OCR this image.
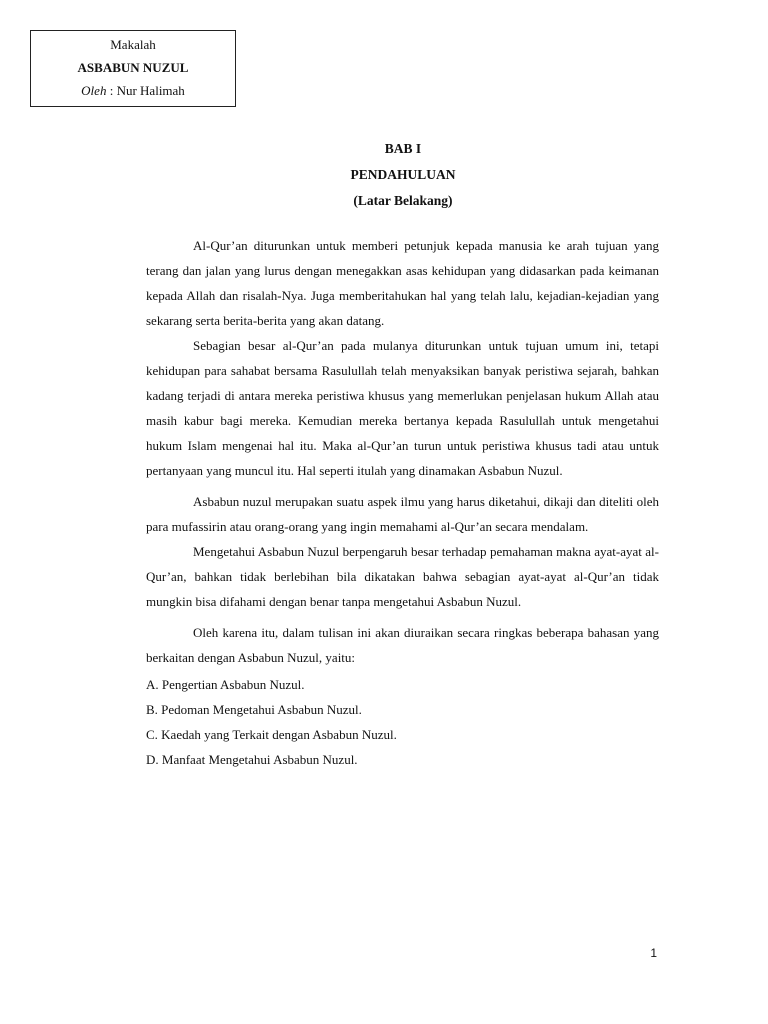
Makalah
ASBABUN NUZUL
Oleh : Nur Halimah
BAB I
PENDAHULUAN
(Latar Belakang)

Al-Qur’an diturunkan untuk memberi petunjuk kepada manusia ke arah tujuan yang terang dan jalan yang lurus dengan menegakkan asas kehidupan yang didasarkan pada keimanan kepada Allah dan risalah-Nya. Juga memberitahukan hal yang telah lalu, kejadian-kejadian yang sekarang serta berita-berita yang akan datang.

Sebagian besar al-Qur’an pada mulanya diturunkan untuk tujuan umum ini, tetapi kehidupan para sahabat bersama Rasulullah telah menyaksikan banyak peristiwa sejarah, bahkan kadang terjadi di antara mereka peristiwa khusus yang memerlukan penjelasan hukum Allah atau masih kabur bagi mereka. Kemudian mereka bertanya kepada Rasulullah untuk mengetahui hukum Islam mengenai hal itu. Maka al-Qur’an turun untuk peristiwa khusus tadi atau untuk pertanyaan yang muncul itu. Hal seperti itulah yang dinamakan Asbabun Nuzul.

Asbabun nuzul merupakan suatu aspek ilmu yang harus diketahui, dikaji dan diteliti oleh para mufassirin atau orang-orang yang ingin memahami al-Qur’an secara mendalam.

Mengetahui Asbabun Nuzul berpengaruh besar terhadap pemahaman makna ayat-ayat al-Qur’an, bahkan tidak berlebihan bila dikatakan bahwa sebagian ayat-ayat al-Qur’an tidak mungkin bisa difahami dengan benar tanpa mengetahui Asbabun Nuzul.

Oleh karena itu, dalam tulisan ini akan diuraikan secara ringkas beberapa bahasan yang berkaitan dengan Asbabun Nuzul, yaitu:

A. Pengertian Asbabun Nuzul.
B. Pedoman Mengetahui Asbabun Nuzul.
C. Kaedah yang Terkait dengan Asbabun Nuzul.
D. Manfaat Mengetahui Asbabun Nuzul.
1
